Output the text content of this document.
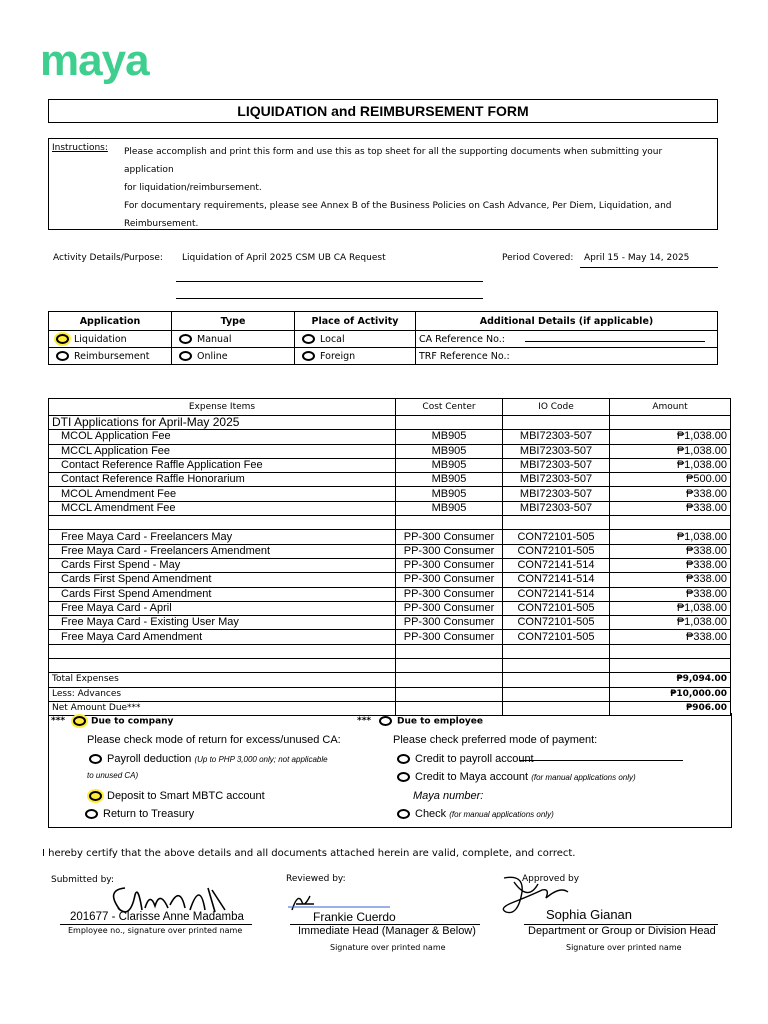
maya
LIQUIDATION and REIMBURSEMENT FORM
Instructions: Please accomplish and print this form and use this as top sheet for all the supporting documents when submitting your application
for liquidation/reimbursement.
For documentary requirements, please see Annex B of the Business Policies on Cash Advance, Per Diem, Liquidation, and
Reimbursement.
Activity Details/Purpose: Liquidation of April 2025 CSM UB CA Request	Period Covered: April 15 - May 14, 2025
Application	Type	Place of Activity	Additional Details (if applicable)
Liquidation	Manual	Local	CA Reference No.:
Reimbursement	Online	Foreign	TRF Reference No.:
Expense Items	Cost Center	IO Code	Amount
DTI Applications for April-May 2025			
MCOL Application Fee	MB905	MBI72303-507	₱1,038.00
MCCL Application Fee	MB905	MBI72303-507	₱1,038.00
Contact Reference Raffle Application Fee	MB905	MBI72303-507	₱1,038.00
Contact Reference Raffle Honorarium	MB905	MBI72303-507	₱500.00
MCOL Amendment Fee	MB905	MBI72303-507	₱338.00
MCCL Amendment Fee	MB905	MBI72303-507	₱338.00

Free Maya Card - Freelancers May	PP-300 Consumer	CON72101-505	₱1,038.00
Free Maya Card - Freelancers Amendment	PP-300 Consumer	CON72101-505	₱338.00
Cards First Spend - May	PP-300 Consumer	CON72141-514	₱338.00
Cards First Spend Amendment	PP-300 Consumer	CON72141-514	₱338.00
Cards First Spend Amendment	PP-300 Consumer	CON72141-514	₱338.00
Free Maya Card - April	PP-300 Consumer	CON72101-505	₱1,038.00
Free Maya Card - Existing User May	PP-300 Consumer	CON72101-505	₱1,038.00
Free Maya Card Amendment	PP-300 Consumer	CON72101-505	₱338.00

Total Expenses			₱9,094.00
Less: Advances			₱10,000.00
Net Amount Due***			₱906.00
***	Due to company	***	Due to employee
Please check mode of return for excess/unused CA:	Please check preferred mode of payment:
Payroll deduction (Up to PHP 3,000 only; not applicable
to unused CA)
Deposit to Smart MBTC account
Return to Treasury
Credit to payroll account
Credit to Maya account (for manual applications only)
Maya number:
Check (for manual applications only)
I hereby certify that the above details and all documents attached herein are valid, complete, and correct.
Submitted by:
201677 - Clarisse Anne Madamba
Employee no., signature over printed name
Reviewed by:
Frankie Cuerdo
Immediate Head (Manager & Below)
Signature over printed name
Approved by
Sophia Gianan
Department or Group or Division Head
Signature over printed name
